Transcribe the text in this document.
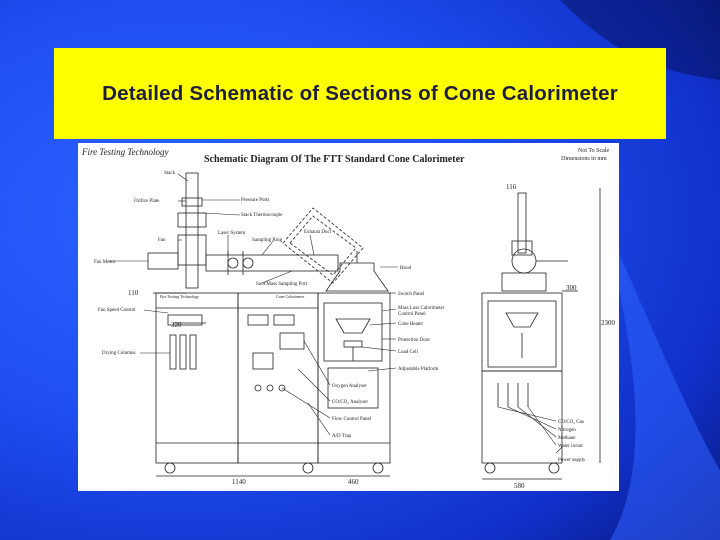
Detailed Schematic of Sections of Cone Calorimeter
Fire Testing Technology
Schematic Diagram Of The FTT Standard Cone Calorimeter
Not To Scale
Dimensions in mm
Stack
Orifice Plate
Fan
Fan Motor
Fan Speed Control
Drying Columns
Pressure Ports
Stack Thermocouple
Laser System
Sampling Ring
Exhaust Duct
Soot Mass Sampling Port
Hood
Switch Panel
Mass Loss Calorimeter
Control Panel
Cone Heater
Protection Door
Load Cell
Adjustable Platform
Oxygen Analyser
CO/CO₂ Analyser
Flow Control Panel
A/D Trap
Fire Testing Technology	Cone Calorimeter
CO/CO₂ Gas
Nitrogen
Methane
Water in/out
Power supply
116
110
320
300
2300
1140	460	580
